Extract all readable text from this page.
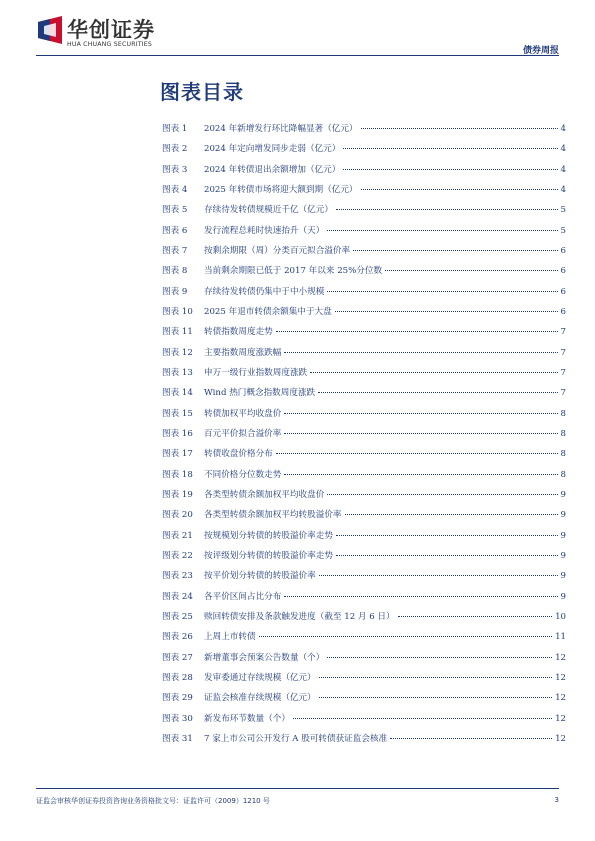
华创证券
HUA CHUANG SECURITIES
债券周报
图表目录
图表 1	2024 年新增发行环比降幅显著（亿元）	4
图表 2	2024 年定向增发同步走弱（亿元）	4
图表 3	2024 年转债退出余额增加（亿元）	4
图表 4	2025 年转债市场将迎大额到期（亿元）	4
图表 5	存续待发转债规模近千亿（亿元）	5
图表 6	发行流程总耗时快速抬升（天）	5
图表 7	按剩余期限（周）分类百元拟合溢价率	6
图表 8	当前剩余期限已低于 2017 年以来 25%分位数	6
图表 9	存续待发转债仍集中于中小规模	6
图表 10	2025 年退市转债余额集中于大盘	6
图表 11	转债指数周度走势	7
图表 12	主要指数周度涨跌幅	7
图表 13	申万一级行业指数周度涨跌	7
图表 14	Wind 热门概念指数周度涨跌	7
图表 15	转债加权平均收盘价	8
图表 16	百元平价拟合溢价率	8
图表 17	转债收盘价格分布	8
图表 18	不同价格分位数走势	8
图表 19	各类型转债余额加权平均收盘价	9
图表 20	各类型转债余额加权平均转股溢价率	9
图表 21	按规模划分转债的转股溢价率走势	9
图表 22	按评级划分转债的转股溢价率走势	9
图表 23	按平价划分转债的转股溢价率	9
图表 24	各平价区间占比分布	9
图表 25	赎回转债安排及条款触发进度（截至 12 月 6 日）	10
图表 26	上周上市转债	11
图表 27	新增董事会预案公告数量（个）	12
图表 28	发审委通过存续规模（亿元）	12
图表 29	证监会核准存续规模（亿元）	12
图表 30	新发布环节数量（个）	12
图表 31	7 家上市公司公开发行 A 股可转债获证监会核准	12
证监会审核华创证券投资咨询业务资格批文号：证监许可（2009）1210 号	3
